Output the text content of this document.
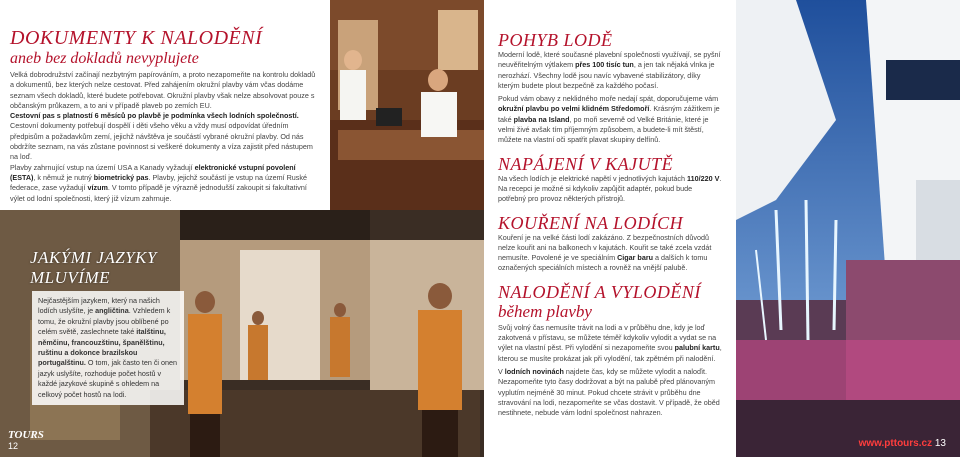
DOKUMENTY K NALODĚNÍ
aneb bez dokladů nevyplujete

Velká dobrodružství začínají nezbytným papírováním, a proto nezapomeňte na kontrolu dokladů a dokumentů, bez kterých nelze cestovat. Před zahájením okružní plavby vám včas dodáme seznam všech dokladů, které budete potřebovat. Okružní plavby však nelze absolvovat pouze s občanským průkazem, a to ani v případě plaveb po zemích EU.

Cestovní pas s platností 6 měsíců po plavbě je podmínka všech lodních společností.

Cestovní dokumenty potřebují dospělí i děti všeho věku a vždy musí odpovídat úředním předpisům a požadavkům zemí, jejichž návštěva je součástí vybrané okružní plavby. Od nás obdržíte seznam, na vás zůstane povinnost si veškeré dokumenty a víza zajistit před nástupem na loď.

Plavby zahrnující vstup na území USA a Kanady vyžadují elektronické vstupní povolení (ESTA), k němuž je nutný biometrický pas. Plavby, jejichž součástí je vstup na území Ruské federace, zase vyžadují vízum. V tomto případě je výrazně jednodušší zakoupit si fakultativní výlet od lodní společnosti, který již vízum zahrnuje.

JAKÝMI JAZYKY MLUVÍME
Nejčastějším jazykem, který na našich lodích uslyšíte, je angličtina. Vzhledem k tomu, že okružní plavby jsou oblíbené po celém světě, zaslechnete také italštinu, němčinu, francouzštinu, španělštinu, ruštinu a dokonce brazilskou portugalštinu. O tom, jak často ten či onen jazyk uslyšíte, rozhoduje počet hostů v každé jazykové skupině s ohledem na celkový počet hostů na lodi.
TOURS
12
POHYB LODĚ

Moderní lodě, které současné plavební společnosti využívají, se pyšní neuvěřitelným výtlakem přes 100 tisíc tun, a jen tak nějaká vlnka je nerozhází. Všechny lodě jsou navíc vybavené stabilizátory, díky kterým budete plout bezpečně za každého počasí.

Pokud vám obavy z neklidného moře nedají spát, doporučujeme vám okružní plavbu po velmi klidném Středomoří. Krásným zážitkem je také plavba na Island, po moři severně od Velké Británie, které je velmi živé avšak tím příjemným způsobem, a budete-li mít štěstí, můžete na vlastní oči spatřit plavat skupiny delfínů.

NAPÁJENÍ V KAJUTĚ

Na všech lodích je elektrické napětí v jednotlivých kajutách 110/220 V. Na recepci je možné si kdykoliv zapůjčit adaptér, pokud bude potřebný pro provoz některých přístrojů.

KOUŘENÍ NA LODÍCH

Kouření je na velké části lodí zakázáno. Z bezpečnostních důvodů nelze kouřit ani na balkonech v kajutách. Kouřit se také zcela vzdát nemusíte. Povolené je ve speciálním Cigar baru a dalších k tomu označených speciálních místech a rovněž na vnější palubě.

NALODĚNÍ A VYLODĚNÍ
během plavby

Svůj volný čas nemusíte trávit na lodi a v průběhu dne, kdy je loď zakotvená v přístavu, se můžete téměř kdykoliv vylodit a vydat se na výlet na vlastní pěst. Při vylodění si nezapomeňte svou palubní kartu, kterou se musíte prokázat jak při vylodění, tak zpětném při nalodění.

V lodních novinách najdete čas, kdy se můžete vylodit a naloďit. Nezapomeňte tyto časy dodržovat a být na palubě před plánovaným vyplutím nejméně 30 minut. Pokud chcete strávit v průběhu dne stravování na lodi, nezapomeňte se včas dostavit. V případě, že oběd nestihnete, nebude vám lodní společnost nahrazen.

www.pttours.cz 13
